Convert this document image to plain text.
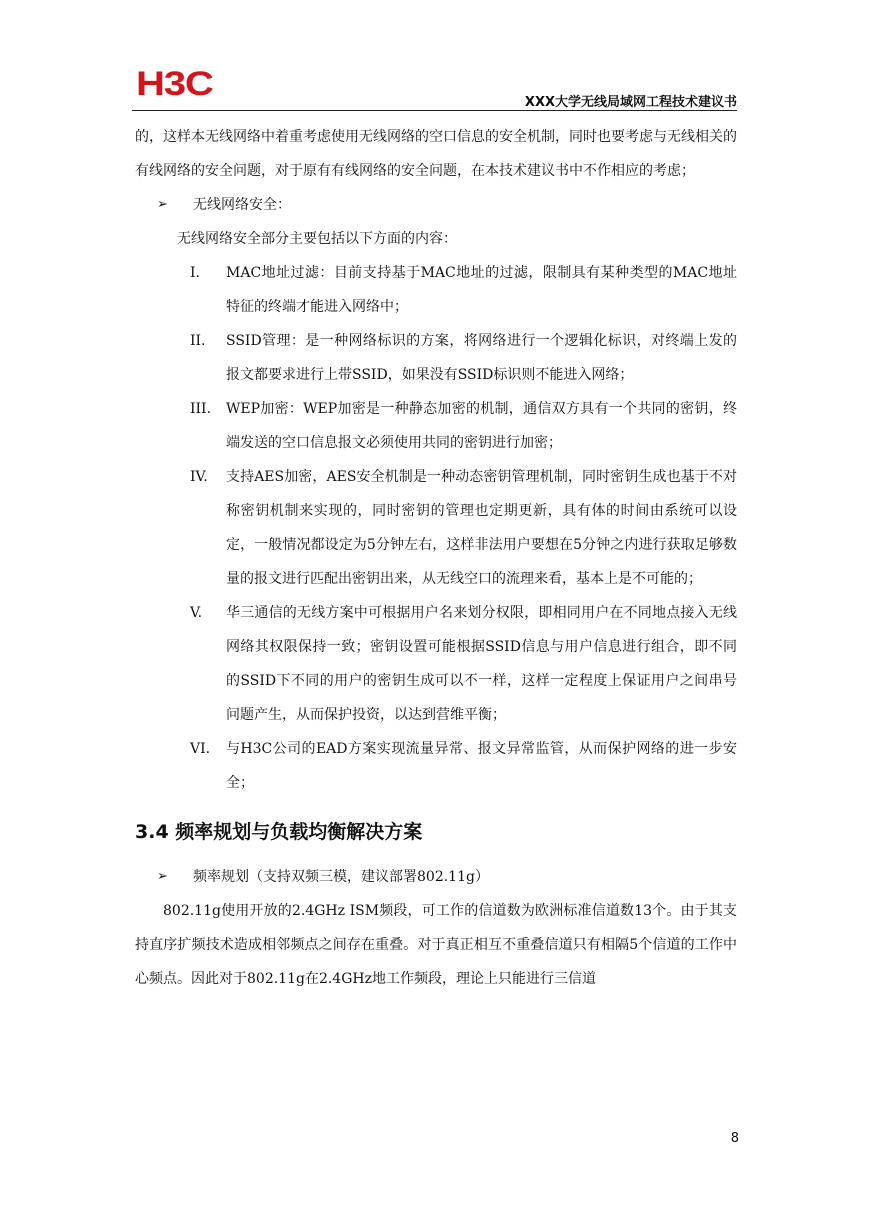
H3C	XXX大学无线局域网工程技术建议书

的，这样本无线网络中着重考虑使用无线网络的空口信息的安全机制，同时也要考虑与无线相关的有线网络的安全问题，对于原有有线网络的安全问题，在本技术建议书中不作相应的考虑；

➢ 无线网络安全：

无线网络安全部分主要包括以下方面的内容：

I.	MAC地址过滤：目前支持基于MAC地址的过滤，限制具有某种类型的MAC地址特征的终端才能进入网络中；
II.	SSID管理：是一种网络标识的方案，将网络进行一个逻辑化标识，对终端上发的报文都要求进行上带SSID，如果没有SSID标识则不能进入网络；
III.	WEP加密：WEP加密是一种静态加密的机制，通信双方具有一个共同的密钥，终端发送的空口信息报文必须使用共同的密钥进行加密；
IV.	支持AES加密，AES安全机制是一种动态密钥管理机制，同时密钥生成也基于不对称密钥机制来实现的，同时密钥的管理也定期更新，具有体的时间由系统可以设定，一般情况都设定为5分钟左右，这样非法用户要想在5分钟之内进行获取足够数量的报文进行匹配出密钥出来，从无线空口的流理来看，基本上是不可能的；
V.	华三通信的无线方案中可根据用户名来划分权限，即相同用户在不同地点接入无线网络其权限保持一致；密钥设置可能根据SSID信息与用户信息进行组合，即不同的SSID下不同的用户的密钥生成可以不一样，这样一定程度上保证用户之间串号问题产生，从而保护投资，以达到营维平衡；
VI.	与H3C公司的EAD方案实现流量异常、报文异常监管，从而保护网络的进一步安全；
3.4 频率规划与负载均衡解决方案

➢ 频率规划（支持双频三模，建议部署802.11g）

802.11g使用开放的2.4GHz ISM频段，可工作的信道数为欧洲标准信道数13个。由于其支持直序扩频技术造成相邻频点之间存在重叠。对于真正相互不重叠信道只有相隔5个信道的工作中心频点。因此对于802.11g在2.4GHz地工作频段，理论上只能进行三信道

8
